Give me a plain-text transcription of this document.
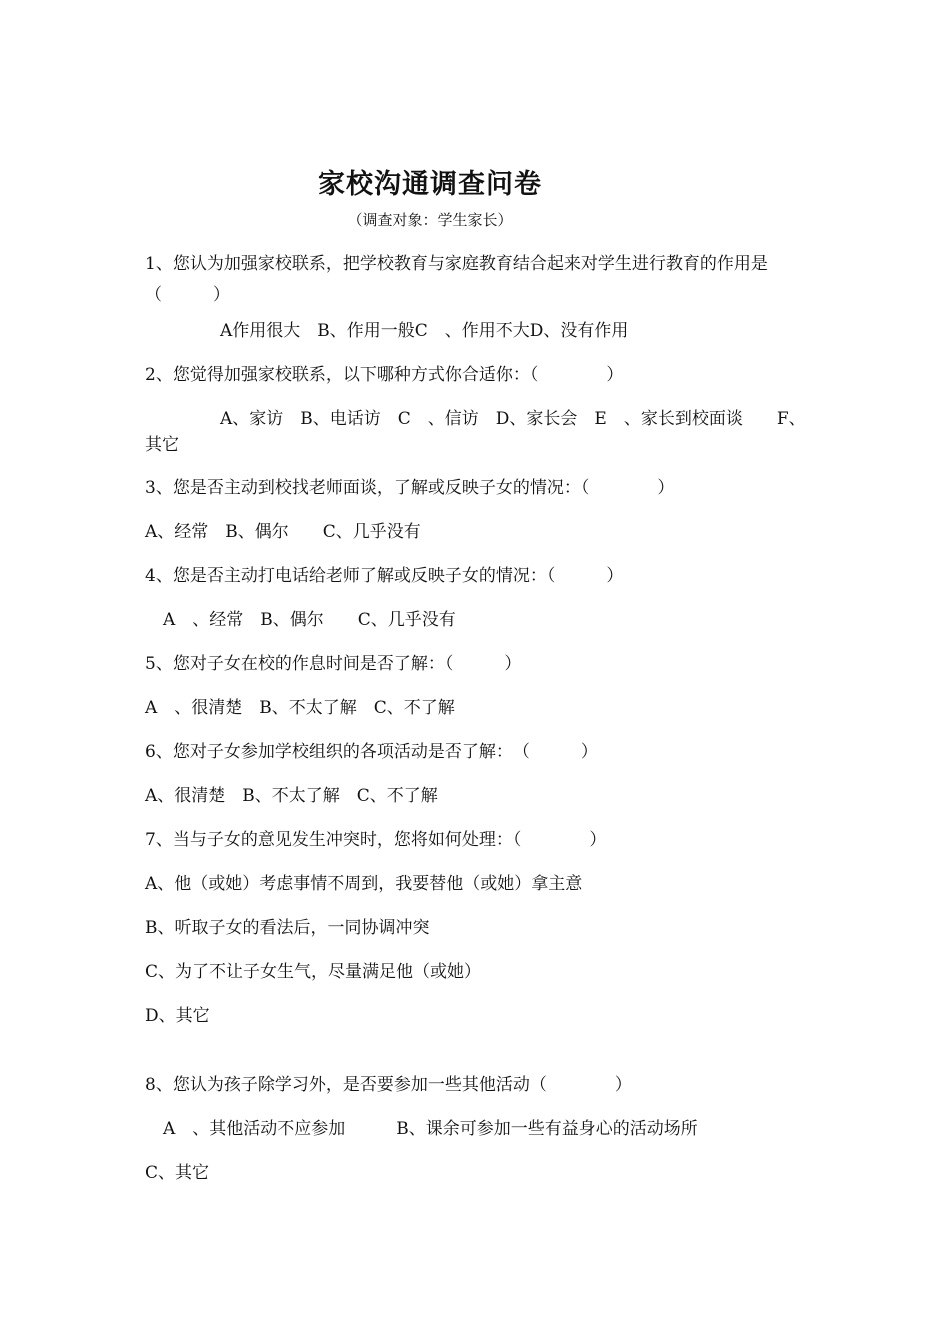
家校沟通调查问卷
（调查对象：学生家长）
1、您认为加强家校联系，把学校教育与家庭教育结合起来对学生进行教育的作用是（　　　）
A作用很大　B、作用一般C　、作用不大D、没有作用
2、您觉得加强家校联系，以下哪种方式你合适你：（　　　　）
A、家访　B、电话访　C　、信访　D、家长会　E　、家长到校面谈　　F、
其它
3、您是否主动到校找老师面谈，了解或反映子女的情况：（　　　　）
A、经常　B、偶尔　　C、几乎没有
4、您是否主动打电话给老师了解或反映子女的情况：（　　　）
A　、经常　B、偶尔　　C、几乎没有
5、您对子女在校的作息时间是否了解：（　　　）
A　、很清楚　B、不太了解　C、不了解
6、您对子女参加学校组织的各项活动是否了解：　（　　　）
A、很清楚　B、不太了解　C、不了解
7、当与子女的意见发生冲突时，您将如何处理：（　　　　）
A、他（或她）考虑事情不周到，我要替他（或她）拿主意
B、听取子女的看法后，一同协调冲突
C、为了不让子女生气，尽量满足他（或她）
D、其它
8、您认为孩子除学习外，是否要参加一些其他活动（　　　　）
A　、其他活动不应参加　　　B、课余可参加一些有益身心的活动场所
C、其它
